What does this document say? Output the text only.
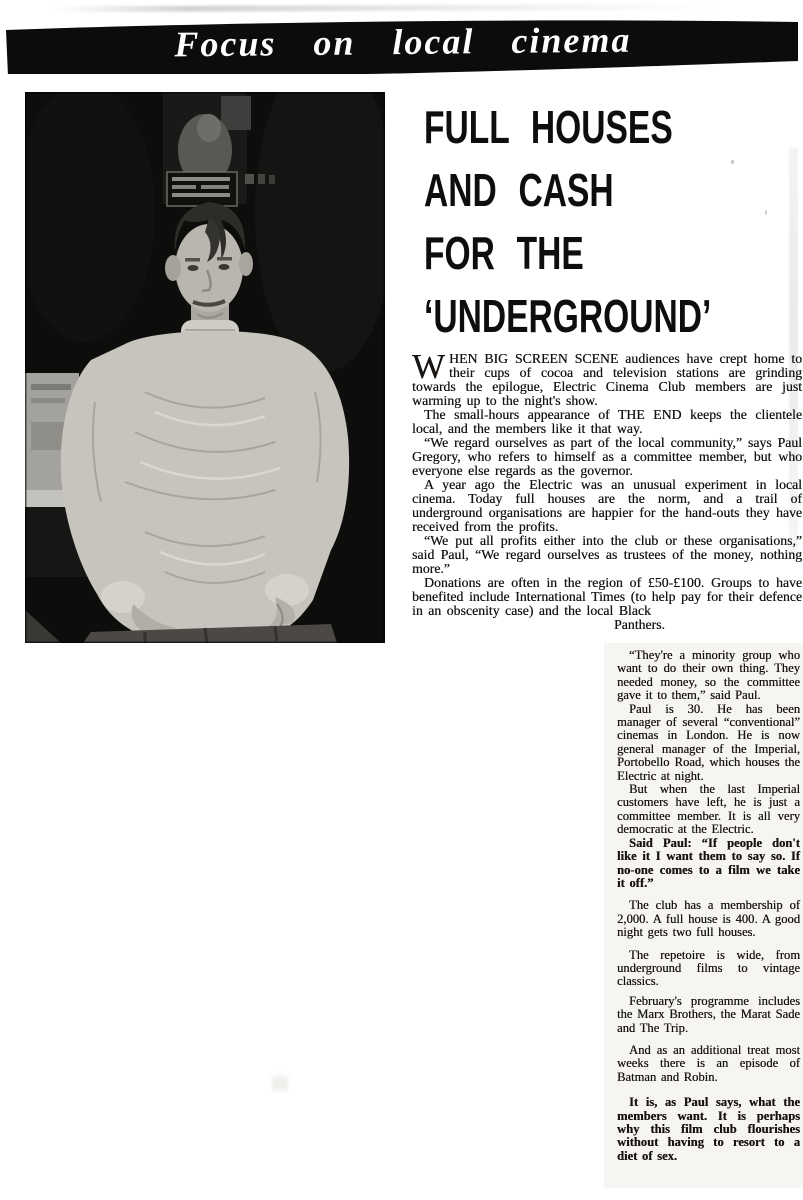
Focus on local cinema
FULL HOUSES
AND CASH
FOR THE
‘UNDERGROUND’

WHEN BIG SCREEN SCENE audiences have crept home to their cups of cocoa and television stations are grinding towards the epilogue, Electric Cinema Club members are just warming up to the night's show.

The small-hours appearance of THE END keeps the clientele local, and the members like it that way.

“We regard ourselves as part of the local community,” says Paul Gregory, who refers to himself as a committee member, but who everyone else regards as the governor.

A year ago the Electric was an unusual experiment in local cinema. Today full houses are the norm, and a trail of underground organisations are happier for the hand-outs they have received from the profits.

“We put all profits either into the club or these organisations,” said Paul, “We regard ourselves as trustees of the money, nothing more.”

Donations are often in the region of £50-£100. Groups to have benefited include International Times (to help pay for their defence in an obscenity case) and the local Black

Panthers.

“They're a minority group who want to do their own thing. They needed money, so the committee gave it to them,” said Paul.

Paul is 30. He has been manager of several “conventional” cinemas in London. He is now general manager of the Imperial, Portobello Road, which houses the Electric at night.

But when the last Imperial customers have left, he is just a committee member. It is all very democratic at the Electric.

Said Paul: “If people don't like it I want them to say so. If no-one comes to a film we take it off.”

The club has a membership of 2,000. A full house is 400. A good night gets two full houses.

The repetoire is wide, from underground films to vintage classics.

February's programme includes the Marx Brothers, the Marat Sade and The Trip.

And as an additional treat most weeks there is an episode of Batman and Robin.

It is, as Paul says, what the members want. It is perhaps why this film club flourishes without having to resort to a diet of sex.
